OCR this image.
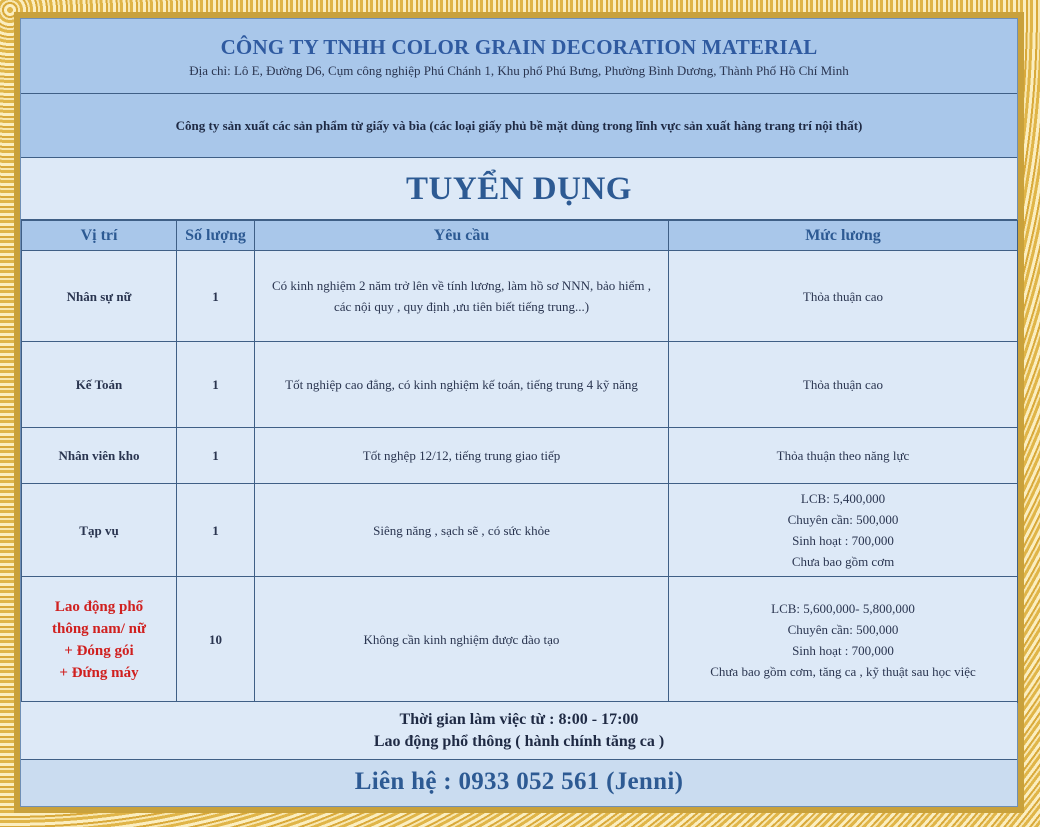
CÔNG TY TNHH COLOR GRAIN DECORATION MATERIAL
Địa chỉ: Lô E, Đường D6, Cụm công nghiệp Phú Chánh 1, Khu phố Phú Bưng, Phường Bình Dương, Thành Phố Hồ Chí Minh
Công ty sản xuất các sản phẩm từ giấy và bìa (các loại giấy phủ bề mặt dùng trong lĩnh vực sản xuất hàng trang trí nội thất)
TUYỂN DỤNG
Vị trí	Số lượng	Yêu cầu	Mức lương
Nhân sự nữ	1	Có kinh nghiệm 2 năm trở lên về tính lương, làm hồ sơ NNN, bảo hiểm , các nội quy , quy định ,ưu tiên biết tiếng trung...)	Thỏa thuận cao

Kế Toán	1	Tốt nghiệp cao đẳng, có kinh nghiệm kế toán, tiếng trung 4 kỹ năng	Thỏa thuận cao

Nhân viên kho	1	Tốt nghệp 12/12, tiếng trung giao tiếp	Thỏa thuận theo năng lực

Tạp vụ	1	Siêng năng , sạch sẽ , có sức khỏe	LCB: 5,400,000
Chuyên cần: 500,000
Sinh hoạt : 700,000
Chưa bao gồm cơm

Lao động phổ
thông nam/ nữ
+ Đóng gói
+ Đứng máy	10	Không cần kinh nghiệm được đào tạo	LCB: 5,600,000- 5,800,000
Chuyên cần: 500,000
Sinh hoạt : 700,000
Chưa bao gồm cơm, tăng ca , kỹ thuật sau học việc
Thời gian làm việc từ : 8:00 - 17:00
Lao động phổ thông ( hành chính tăng ca )
Liên hệ : 0933 052 561 (Jenni)
